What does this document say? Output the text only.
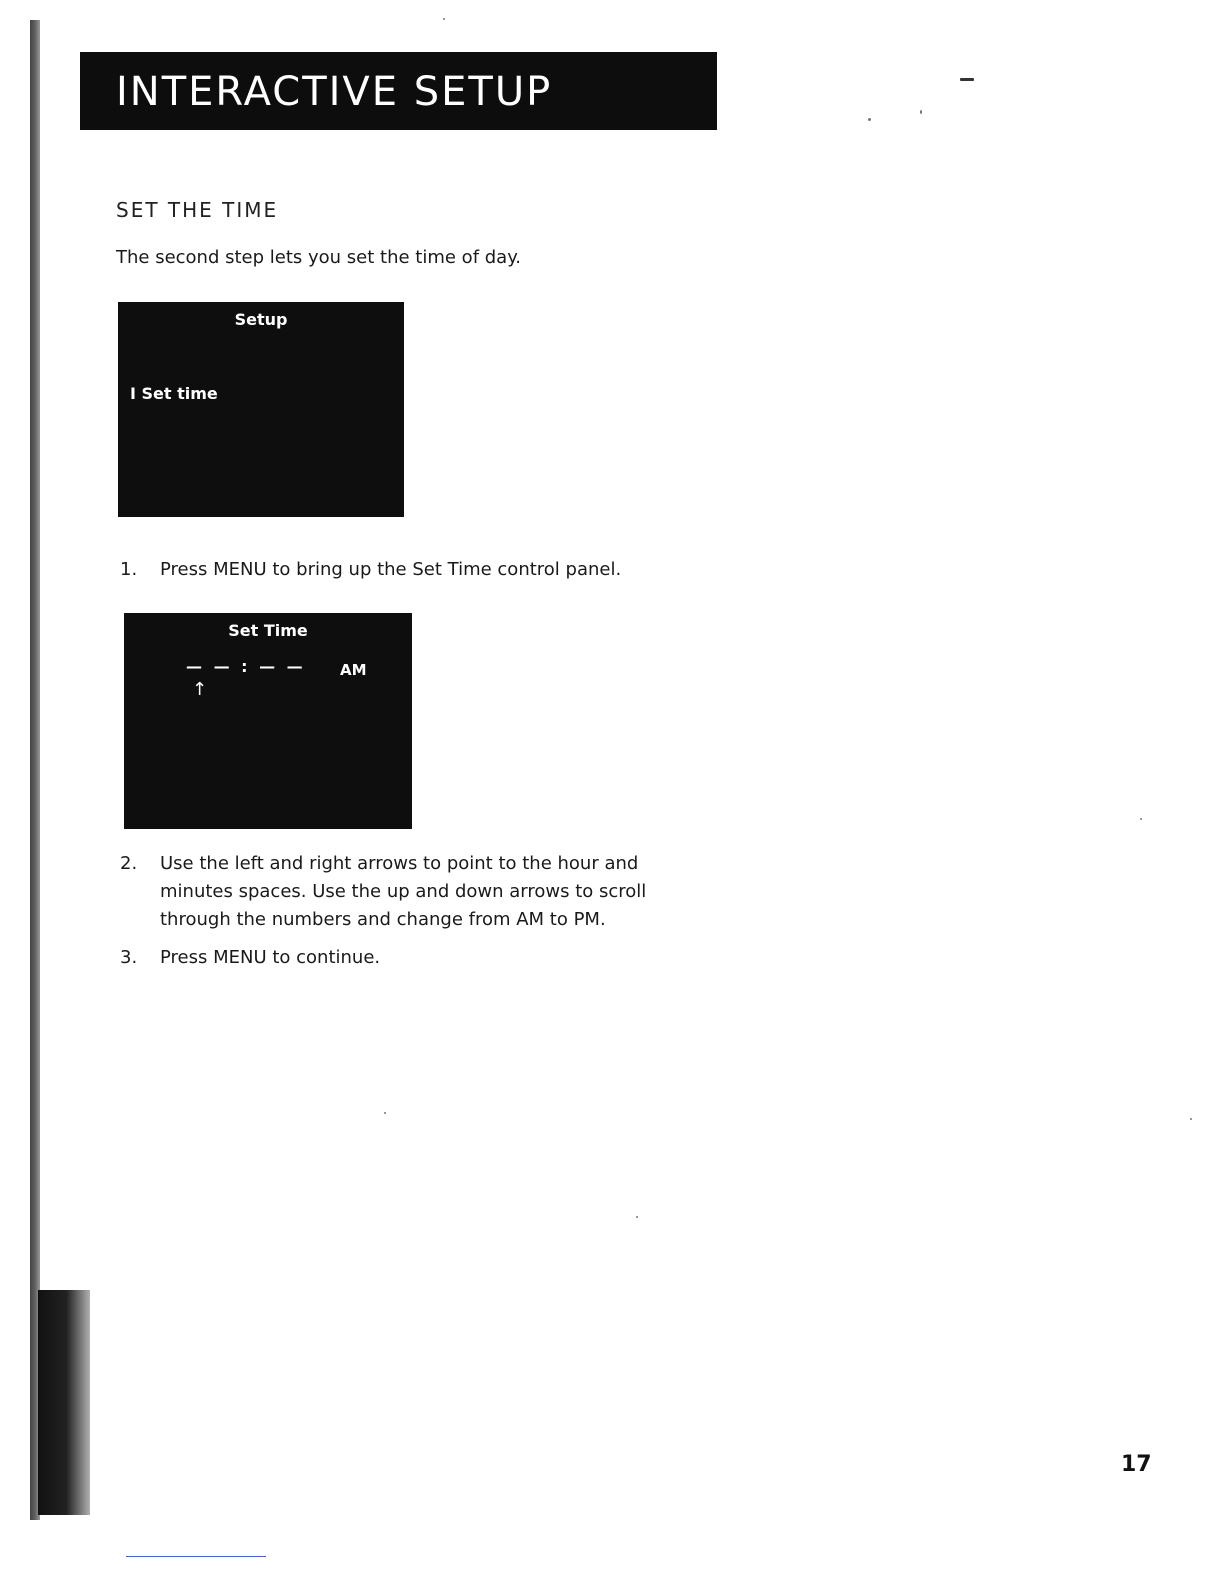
INTERACTIVE SETUP
SET THE TIME
The second step lets you set the time of day.
Setup
I Set time
1. Press MENU to bring up the Set Time control panel.
Set Time
— — : — — AM
↑
2. Use the left and right arrows to point to the hour and
minutes spaces. Use the up and down arrows to scroll
through the numbers and change from AM to PM.
3. Press MENU to continue.
17
